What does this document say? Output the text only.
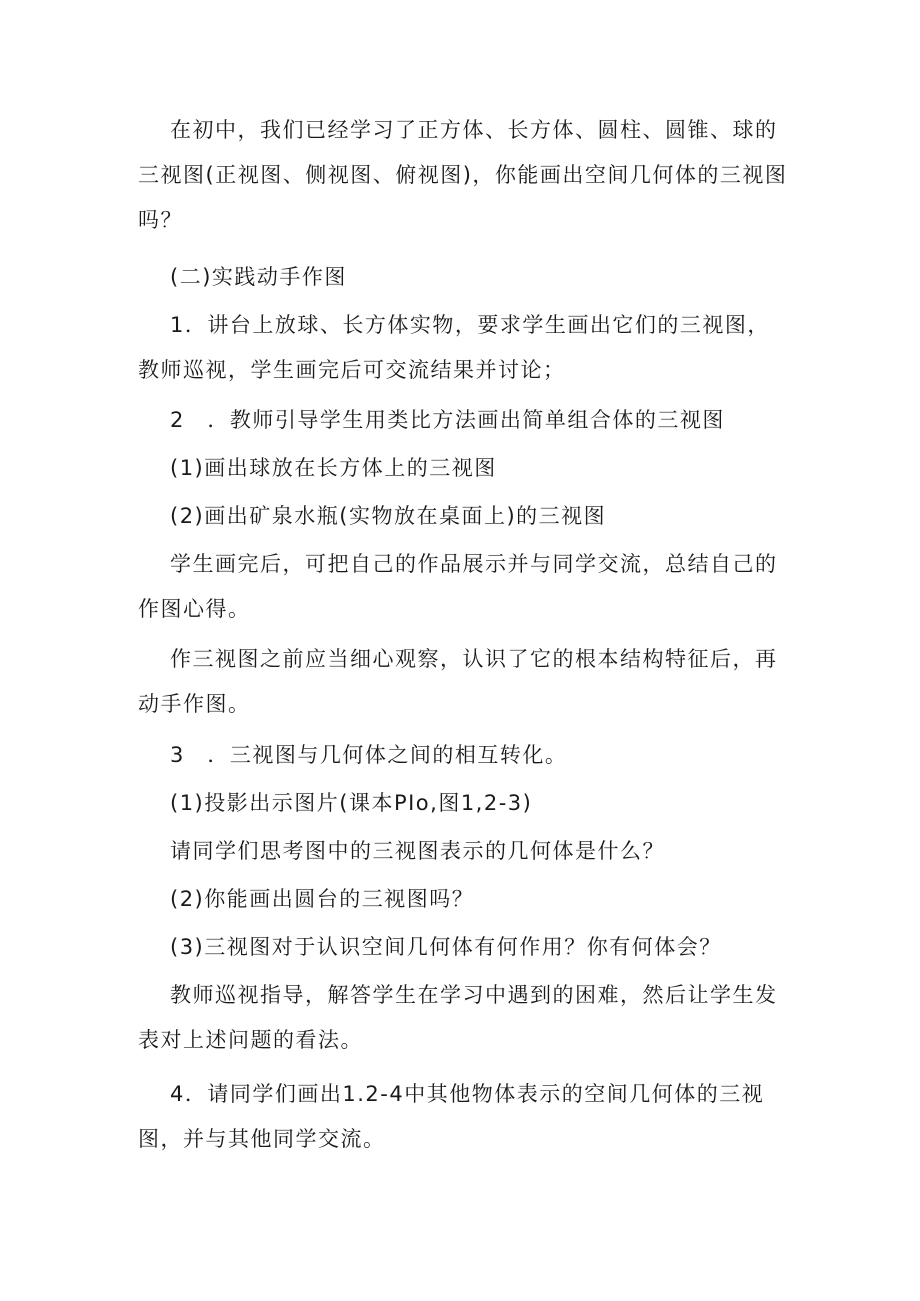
在初中，我们已经学习了正方体、长方体、圆柱、圆锥、球的三视图(正视图、侧视图、俯视图)，你能画出空间几何体的三视图吗？

(二)实践动手作图

1．讲台上放球、长方体实物，要求学生画出它们的三视图，教师巡视，学生画完后可交流结果并讨论；

2　．教师引导学生用类比方法画出简单组合体的三视图

(1)画出球放在长方体上的三视图

(2)画出矿泉水瓶(实物放在桌面上)的三视图

学生画完后，可把自己的作品展示并与同学交流，总结自己的作图心得。

作三视图之前应当细心观察，认识了它的根本结构特征后，再动手作图。

3　．三视图与几何体之间的相互转化。

(1)投影出示图片(课本PIo,图1,2-3)

请同学们思考图中的三视图表示的几何体是什么？

(2)你能画出圆台的三视图吗？

(3)三视图对于认识空间几何体有何作用？你有何体会？

教师巡视指导，解答学生在学习中遇到的困难，然后让学生发表对上述问题的看法。

4．请同学们画出1.2-4中其他物体表示的空间几何体的三视图，并与其他同学交流。
